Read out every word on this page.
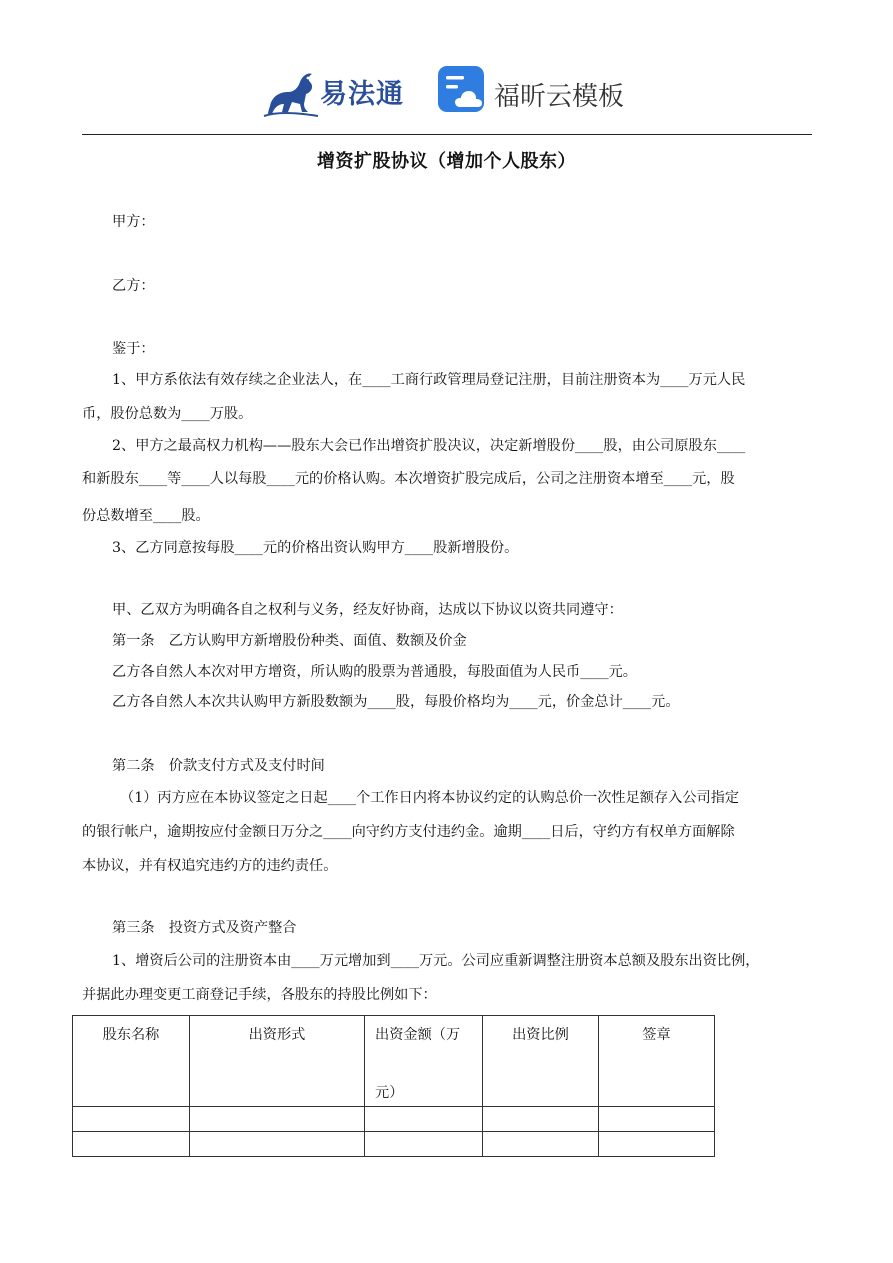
易法通	福昕云模板
增资扩股协议（增加个人股东）
甲方：
乙方：
鉴于：
1、甲方系依法有效存续之企业法人，在____工商行政管理局登记注册，目前注册资本为____万元人民
币，股份总数为____万股。
2、甲方之最高权力机构——股东大会已作出增资扩股决议，决定新增股份____股，由公司原股东____
和新股东____等____人以每股____元的价格认购。本次增资扩股完成后，公司之注册资本增至____元，股
份总数增至____股。
3、乙方同意按每股____元的价格出资认购甲方____股新增股份。
甲、乙双方为明确各自之权利与义务，经友好协商，达成以下协议以资共同遵守：
第一条　乙方认购甲方新增股份种类、面值、数额及价金
乙方各自然人本次对甲方增资，所认购的股票为普通股，每股面值为人民币____元。
乙方各自然人本次共认购甲方新股数额为____股，每股价格均为____元，价金总计____元。
第二条　价款支付方式及支付时间
（1）丙方应在本协议签定之日起____个工作日内将本协议约定的认购总价一次性足额存入公司指定
的银行帐户，逾期按应付金额日万分之____向守约方支付违约金。逾期____日后，守约方有权单方面解除
本协议，并有权追究违约方的违约责任。
第三条　投资方式及资产整合
1、增资后公司的注册资本由____万元增加到____万元。公司应重新调整注册资本总额及股东出资比例，
并据此办理变更工商登记手续，各股东的持股比例如下：
股东名称	出资形式	出资金额（万

元）	出资比例	签章
